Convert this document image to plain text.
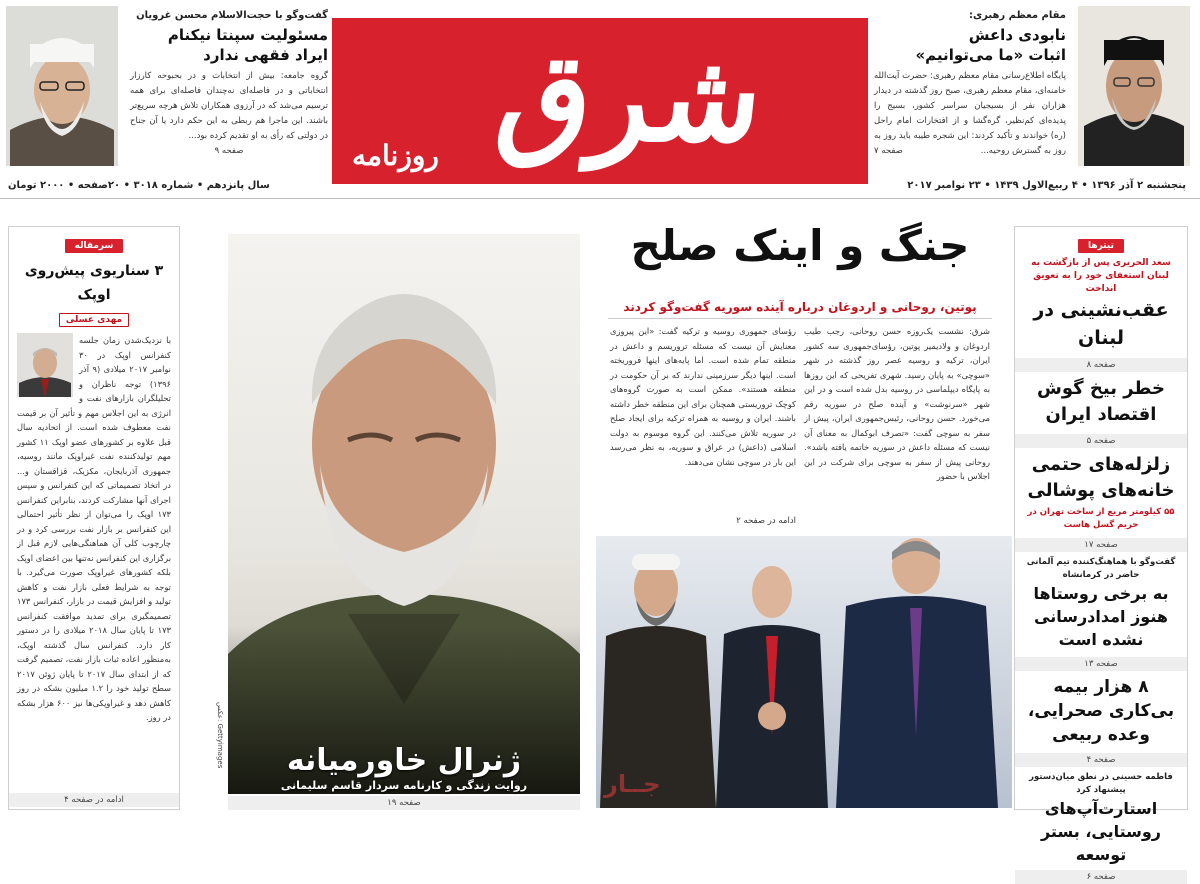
مقام معظم رهبری:
نابودی داعش
اثبات «ما می‌توانیم»
پایگاه اطلاع‌رسانی مقام معظم رهبری: حضرت آیت‌الله خامنه‌ای، مقام معظم رهبری، صبح روز گذشته در دیدار هزاران نفر از بسیجیان سراسر کشور، بسیج را پدیده‌ای کم‌نظیر، گره‌گشا و از افتخارات امام راحل (ره) خواندند و تأکید کردند: این شجره طیبه باید روز به روز به گسترش روحیه...
صفحه ۷
شرق
روزنامه
گفت‌وگو با حجت‌الاسلام محسن غرویان
مسئولیت سپنتا نیکنام
ایراد فقهی ندارد
گروه جامعه: بیش از انتخابات و در بحبوحه کارزار انتخاباتی و در فاصله‌ای نه‌چندان فاصله‌ای برای همه ترسیم می‌شد که در آرزوی همکاران تلاش هرچه سریع‌تر باشند. این ماجرا هم ربطی به این حکم دارد یا آن جناح در دولتی که رأی به او تقدیم کرده بود...
صفحه ۹
پنجشنبه ۲ آذر ۱۳۹۶ • ۴ ربیع‌الاول ۱۴۳۹ • ۲۳ نوامبر ۲۰۱۷
سال پانزدهم • شماره ۳۰۱۸ • ۲۰صفحه • ۲۰۰۰ تومان
تیترها
سعد الحریری پس از بازگشت به لبنان استعفای خود را به تعویق انداخت
عقب‌نشینی در لبنان
صفحه ۸
خطر بیخ گوش اقتصاد ایران
صفحه ۵
زلزله‌های حتمی خانه‌های پوشالی
۵۵ کیلومتر مربع از ساخت تهران در حریم گسل هاست
صفحه ۱۷
گفت‌وگو با هماهنگ‌کننده تیم آلمانی حاضر در کرمانشاه
به برخی روستاها هنوز امدادرسانی نشده است
صفحه ۱۳
۸ هزار بیمه بی‌کاری صحرایی، وعده ربیعی
صفحه ۴
فاطمه حسینی در نطق میان‌دستور پیشنهاد کرد
استارت‌آپ‌های روستایی، بستر توسعه
صفحه ۶
سرمقاله
۳ سناریوی پیش‌روی اوپک
مهدی عسلی
با نزدیک‌شدن زمان جلسه کنفرانس اوپک در ۳۰ نوامبر ۲۰۱۷ میلادی (۹ آذر ۱۳۹۶) توجه ناظران و تحلیلگران بازارهای نفت و انرژی به این اجلاس مهم و تأثیر آن بر قیمت نفت معطوف شده است. از اتحادیه سال قبل علاوه بر کشورهای عضو اوپک ۱۱ کشور مهم تولیدکننده نفت غیراوپک مانند روسیه، جمهوری آذربایجان، مکزیک، قزاقستان و... در اتخاذ تصمیماتی که این کنفرانس و سپس اجرای آنها مشارکت کردند، بنابراین کنفرانس ۱۷۳ اوپک را می‌توان از نظر تأثیر احتمالی این کنفرانس بر بازار نفت بررسی کرد و در چارچوب کلی آن هماهنگی‌هایی لازم قبل از برگزاری این کنفرانس نه‌تنها بین اعضای اوپک بلکه کشورهای غیراوپک صورت می‌گیرد. با توجه به شرایط فعلی بازار نفت و کاهش تولید و افزایش قیمت در بازار، کنفرانس ۱۷۳ تصمیمگیری برای تمدید موافقت کنفرانس ۱۷۳ تا پایان سال ۲۰۱۸ میلادی را در دستور کار دارد. کنفرانس سال گذشته اوپک، به‌منظور اعاده ثبات بازار نفت، تصمیم گرفت که از ابتدای سال ۲۰۱۷ تا پایان ژوئن ۲۰۱۷ سطح تولید خود را ۱.۲ میلیون بشکه در روز کاهش دهد و غیراوپکی‌ها نیز ۶۰۰ هزار بشکه در روز.
ادامه در صفحه ۴
ژنرال خاورمیانه
روایت زندگی و کارنامه سردار قاسم سلیمانی
عکس: Gettyimages
صفحه ۱۹
جنگ و اینک صلح
پوتین، روحانی و اردوغان درباره آینده سوریه گفت‌وگو کردند
شرق: نشست یک‌روزه حسن روحانی، رجب طیب اردوغان و ولادیمیر پوتین، رؤسای‌جمهوری سه کشور ایران، ترکیه و روسیه عصر روز گذشته در شهر «سوچی» به پایان رسید. شهری تفریحی که این روزها به پایگاه دیپلماسی در روسیه بدل شده است و در این شهر «سرنوشت» و آینده صلح در سوریه رقم می‌خورد. حسن روحانی، رئیس‌جمهوری ایران، پیش از سفر به سوچی گفت: «تصرف ابوکمال به معنای آن نیست که مسئله داعش در سوریه خاتمه یافته باشد». روحانی پیش از سفر به سوچی برای شرکت در این اجلاس با حضور
رؤسای جمهوری روسیه و ترکیه گفت: «این پیروزی معنایش آن نیست که مسئله تروریسم و داعش در منطقه تمام شده است. اما پایه‌های اینها فروریخته است. اینها دیگر سرزمینی ندارند که بر آن حکومت در منطقه هستند». ممکن است به صورت گروه‌های کوچک تروریستی همچنان برای این منطقه خطر داشته باشند. ایران و روسیه به همراه ترکیه برای ایجاد صلح در سوریه تلاش می‌کنند. این گروه موسوم به دولت اسلامی (داعش) در عراق و سوریه، به نظر می‌رسد این بار در سوچی نشان می‌دهند.
ادامه در صفحه ۲
جــار
